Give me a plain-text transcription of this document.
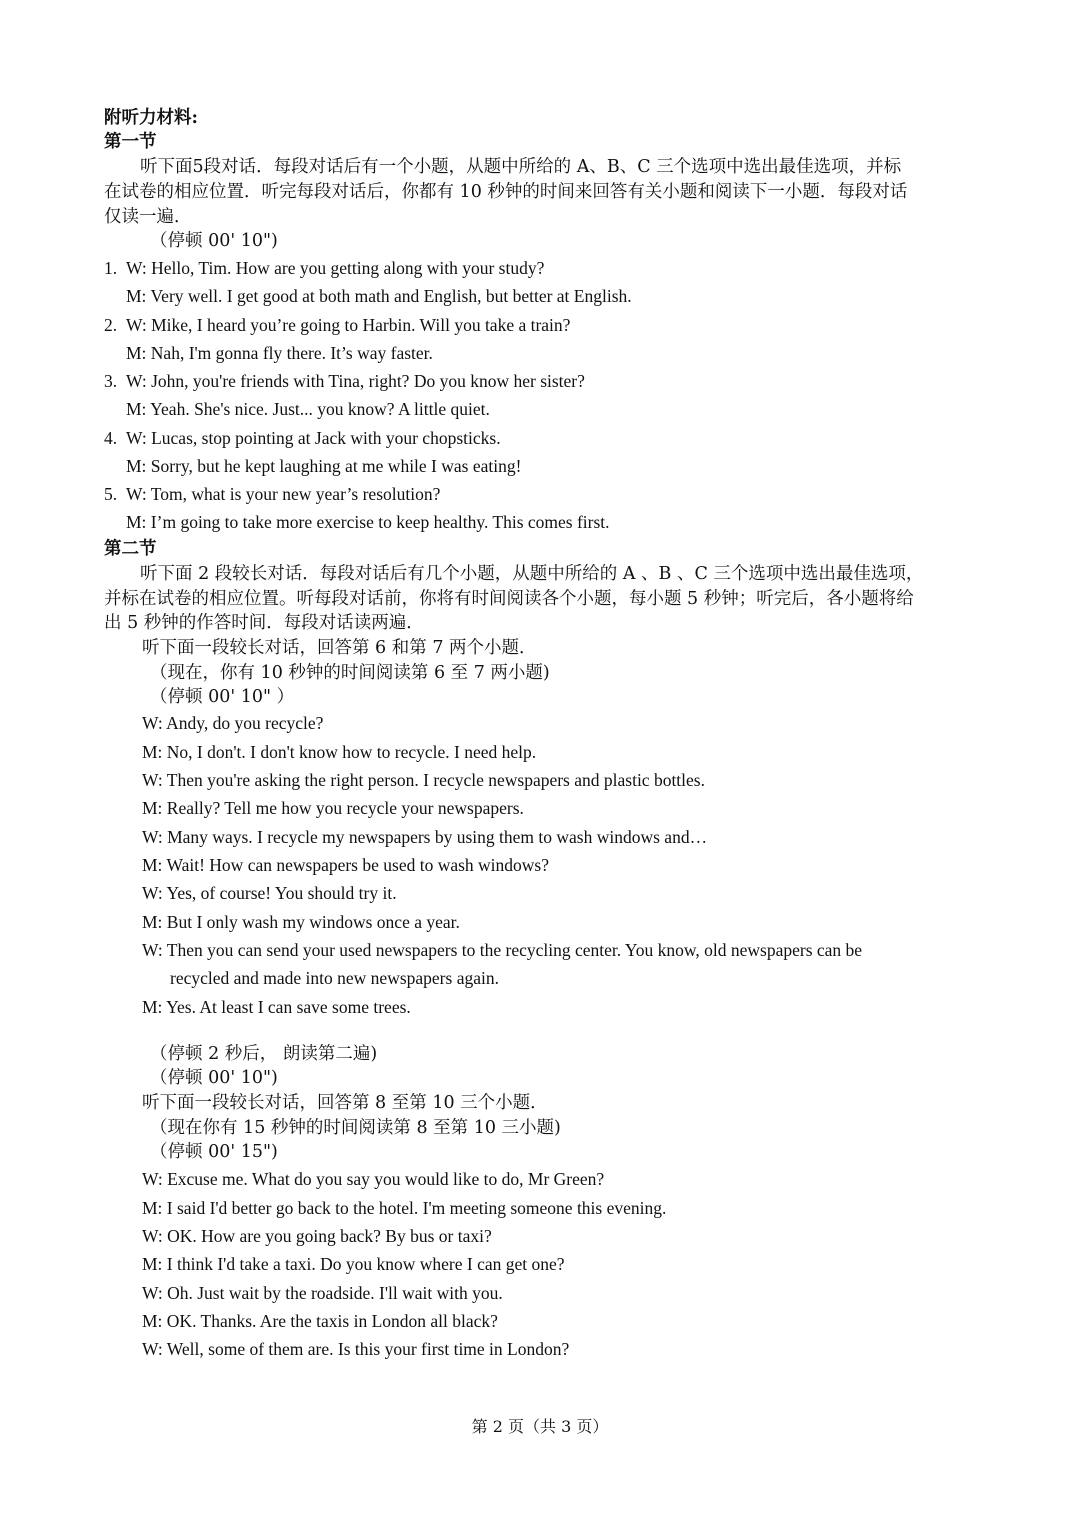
附听力材料:
第一节
听下面5段对话．每段对话后有一个小题，从题中所给的 A、B、C 三个选项中选出最佳选项，并标
在试卷的相应位置．听完每段对话后，你都有 10 秒钟的时间来回答有关小题和阅读下一小题．每段对话
仅读一遍．
（停顿 00' 10")
1. W: Hello, Tim. How are you getting along with your study?
M: Very well. I get good at both math and English, but better at English.
2. W: Mike, I heard you’re going to Harbin. Will you take a train?
M: Nah, I'm gonna fly there. It’s way faster.
3. W: John, you're friends with Tina, right? Do you know her sister?
M: Yeah. She's nice. Just... you know? A little quiet.
4. W: Lucas, stop pointing at Jack with your chopsticks.
M: Sorry, but he kept laughing at me while I was eating!
5. W: Tom, what is your new year’s resolution?
M: I’m going to take more exercise to keep healthy. This comes first.
第二节
听下面 2 段较长对话．每段对话后有几个小题，从题中所给的 A 、B 、C 三个选项中选出最佳选项，
并标在试卷的相应位置。听每段对话前，你将有时间阅读各个小题，每小题 5 秒钟；听完后，各小题将给
出 5 秒钟的作答时间．每段对话读两遍．
听下面一段较长对话，回答第 6 和第 7 两个小题．
（现在，你有 10 秒钟的时间阅读第 6 至 7 两小题)
（停顿 00' 10" ）
W: Andy, do you recycle?
M: No, I don't. I don't know how to recycle. I need help.
W: Then you're asking the right person. I recycle newspapers and plastic bottles.
M: Really? Tell me how you recycle your newspapers.
W: Many ways. I recycle my newspapers by using them to wash windows and…
M: Wait! How can newspapers be used to wash windows?
W: Yes, of course! You should try it.
M: But I only wash my windows once a year.
W: Then you can send your used newspapers to the recycling center. You know, old newspapers can be
recycled and made into new newspapers again.
M: Yes. At least I can save some trees.
（停顿 2 秒后， 朗读第二遍)
（停顿 00' 10")
听下面一段较长对话，回答第 8 至第 10 三个小题．
（现在你有 15 秒钟的时间阅读第 8 至第 10 三小题)
（停顿 00' 15")
W: Excuse me. What do you say you would like to do, Mr Green?
M: I said I'd better go back to the hotel. I'm meeting someone this evening.
W: OK. How are you going back? By bus or taxi?
M: I think I'd take a taxi. Do you know where I can get one?
W: Oh. Just wait by the roadside. I'll wait with you.
M: OK. Thanks. Are the taxis in London all black?
W: Well, some of them are. Is this your first time in London?
第 2 页（共 3 页）
